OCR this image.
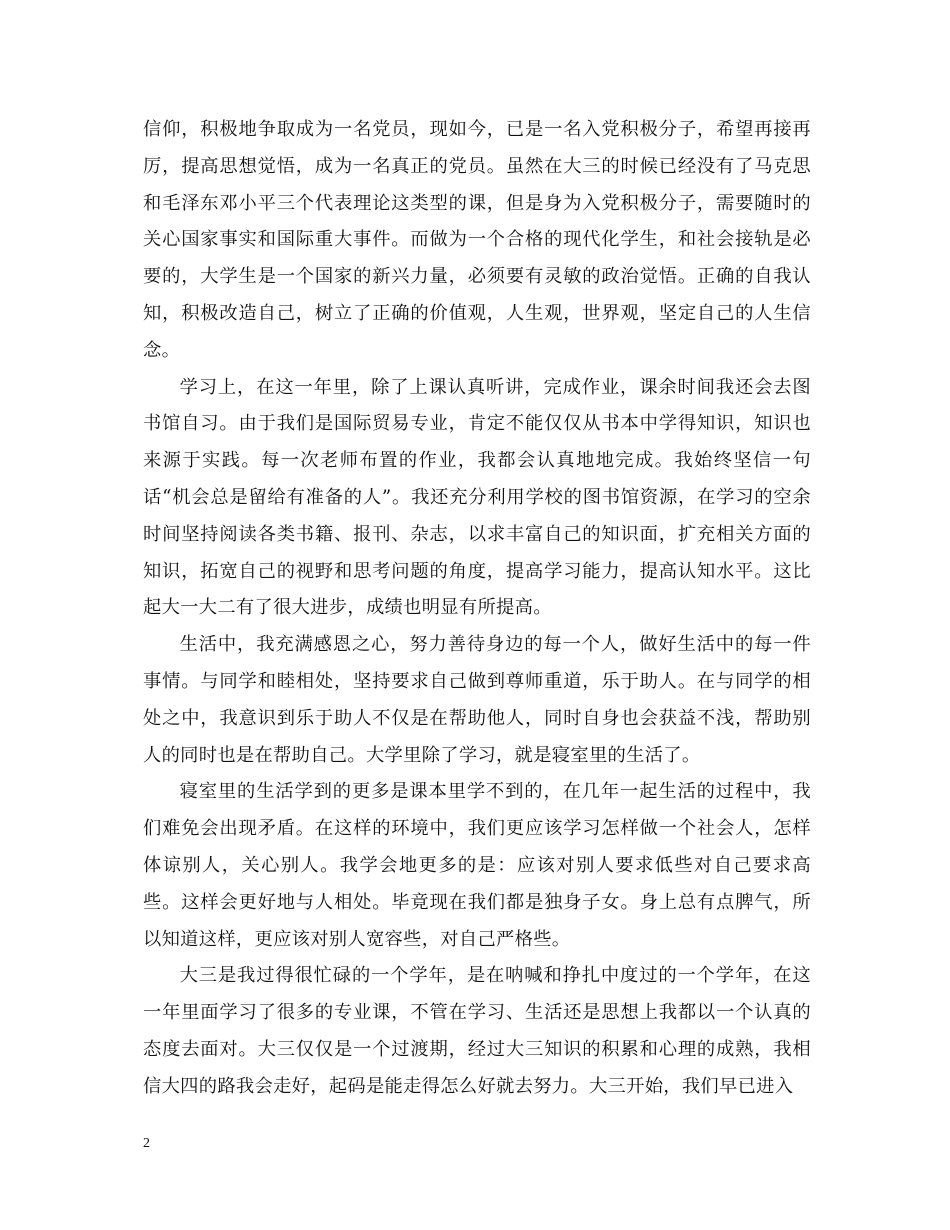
信仰，积极地争取成为一名党员，现如今，已是一名入党积极分子，希望再接再厉，提高思想觉悟，成为一名真正的党员。虽然在大三的时候已经没有了马克思和毛泽东邓小平三个代表理论这类型的课，但是身为入党积极分子，需要随时的关心国家事实和国际重大事件。而做为一个合格的现代化学生，和社会接轨是必要的，大学生是一个国家的新兴力量，必须要有灵敏的政治觉悟。正确的自我认知，积极改造自己，树立了正确的价值观，人生观，世界观，坚定自己的人生信念。

学习上，在这一年里，除了上课认真听讲，完成作业，课余时间我还会去图书馆自习。由于我们是国际贸易专业，肯定不能仅仅从书本中学得知识，知识也来源于实践。每一次老师布置的作业，我都会认真地地完成。我始终坚信一句话“机会总是留给有准备的人”。我还充分利用学校的图书馆资源，在学习的空余时间坚持阅读各类书籍、报刊、杂志，以求丰富自己的知识面，扩充相关方面的知识，拓宽自己的视野和思考问题的角度，提高学习能力，提高认知水平。这比起大一大二有了很大进步，成绩也明显有所提高。

生活中，我充满感恩之心，努力善待身边的每一个人，做好生活中的每一件事情。与同学和睦相处，坚持要求自己做到尊师重道，乐于助人。在与同学的相处之中，我意识到乐于助人不仅是在帮助他人，同时自身也会获益不浅，帮助别人的同时也是在帮助自己。大学里除了学习，就是寝室里的生活了。

寝室里的生活学到的更多是课本里学不到的，在几年一起生活的过程中，我们难免会出现矛盾。在这样的环境中，我们更应该学习怎样做一个社会人，怎样体谅别人，关心别人。我学会地更多的是：应该对别人要求低些对自己要求高些。这样会更好地与人相处。毕竟现在我们都是独身子女。身上总有点脾气，所以知道这样，更应该对别人宽容些，对自己严格些。

大三是我过得很忙碌的一个学年，是在呐喊和挣扎中度过的一个学年，在这一年里面学习了很多的专业课，不管在学习、生活还是思想上我都以一个认真的态度去面对。大三仅仅是一个过渡期，经过大三知识的积累和心理的成熟，我相信大四的路我会走好，起码是能走得怎么好就去努力。大三开始，我们早已进入

2
